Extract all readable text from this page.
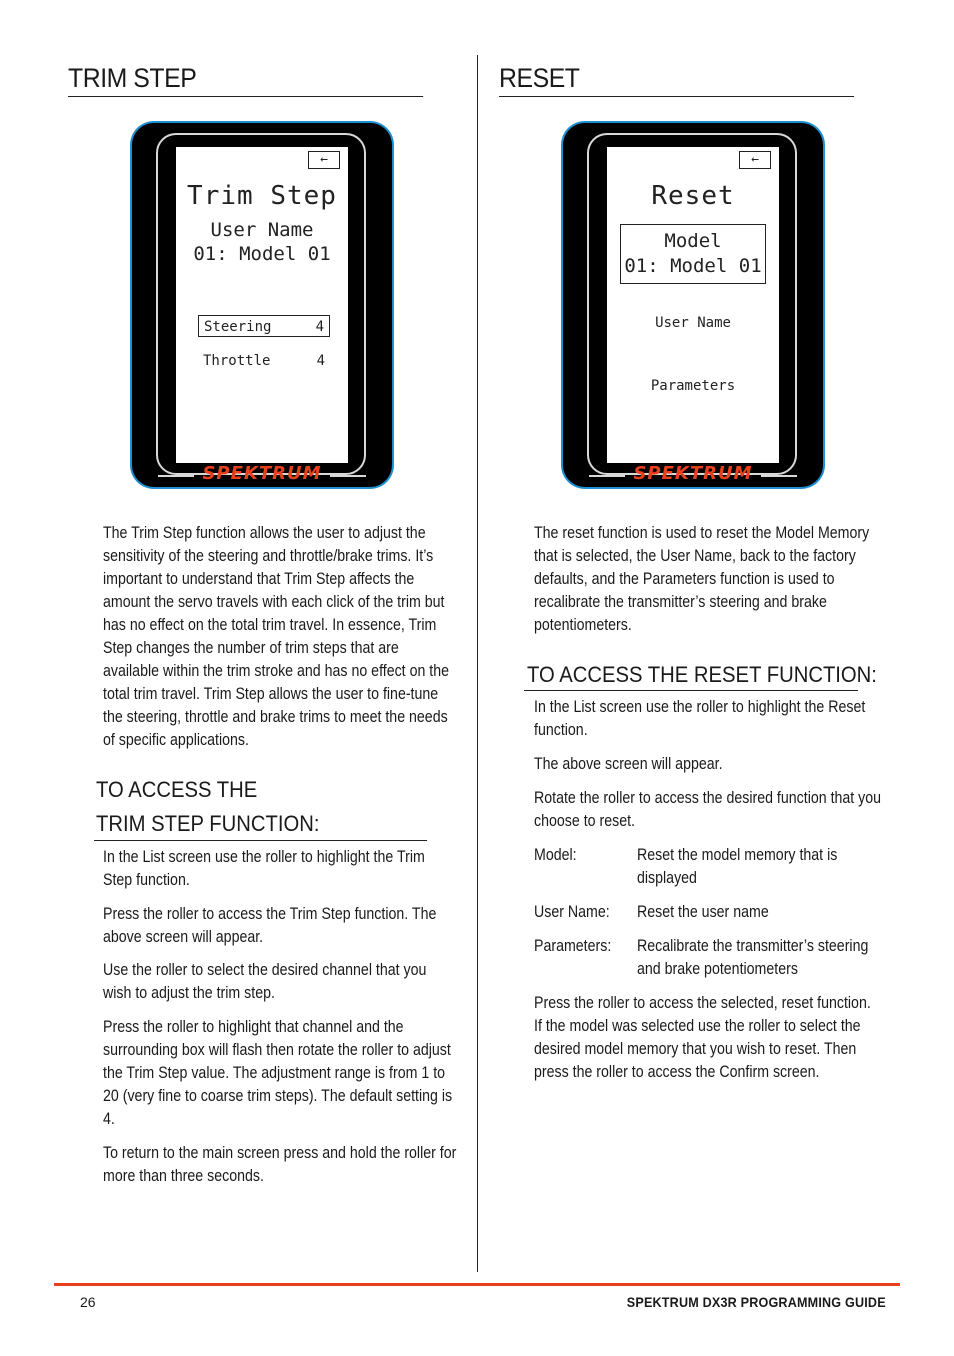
TRIM STEP
←
Trim Step
User Name
01: Model 01
Steering	4
Throttle	4
SPEKTRUM

The Trim Step function allows the user to adjust the sensitivity of the steering and throttle/brake trims. It’s important to understand that Trim Step affects the amount the servo travels with each click of the trim but has no effect on the total trim travel. In essence, Trim Step changes the number of trim steps that are available within the trim stroke and has no effect on the total trim travel. Trim Step allows the user to fine-tune the steering, throttle and brake trims to meet the needs of specific applications.

TO ACCESS THE
TRIM STEP FUNCTION:

In the List screen use the roller to highlight the Trim Step function.

Press the roller to access the Trim Step function. The above screen will appear.

Use the roller to select the desired channel that you wish to adjust the trim step.

Press the roller to highlight that channel and the surrounding box will flash then rotate the roller to adjust the Trim Step value. The adjustment range is from 1 to 20 (very fine to coarse trim steps). The default setting is 4.

To return to the main screen press and hold the roller for more than three seconds.

RESET
←
Reset
Model
01: Model 01
User Name
Parameters
SPEKTRUM

The reset function is used to reset the Model Memory that is selected, the User Name, back to the factory defaults, and the Parameters function is used to recalibrate the transmitter’s steering and brake potentiometers.

TO ACCESS THE RESET FUNCTION:

In the List screen use the roller to highlight the Reset function.

The above screen will appear.

Rotate the roller to access the desired function that you choose to reset.

Model:	Reset the model memory that is displayed
User Name: Reset the user name
Parameters: Recalibrate the transmitter’s steering and brake potentiometers

Press the roller to access the selected, reset function. If the model was selected use the roller to select the desired model memory that you wish to reset. Then press the roller to access the Confirm screen.

26	SPEKTRUM DX3R PROGRAMMING GUIDE
